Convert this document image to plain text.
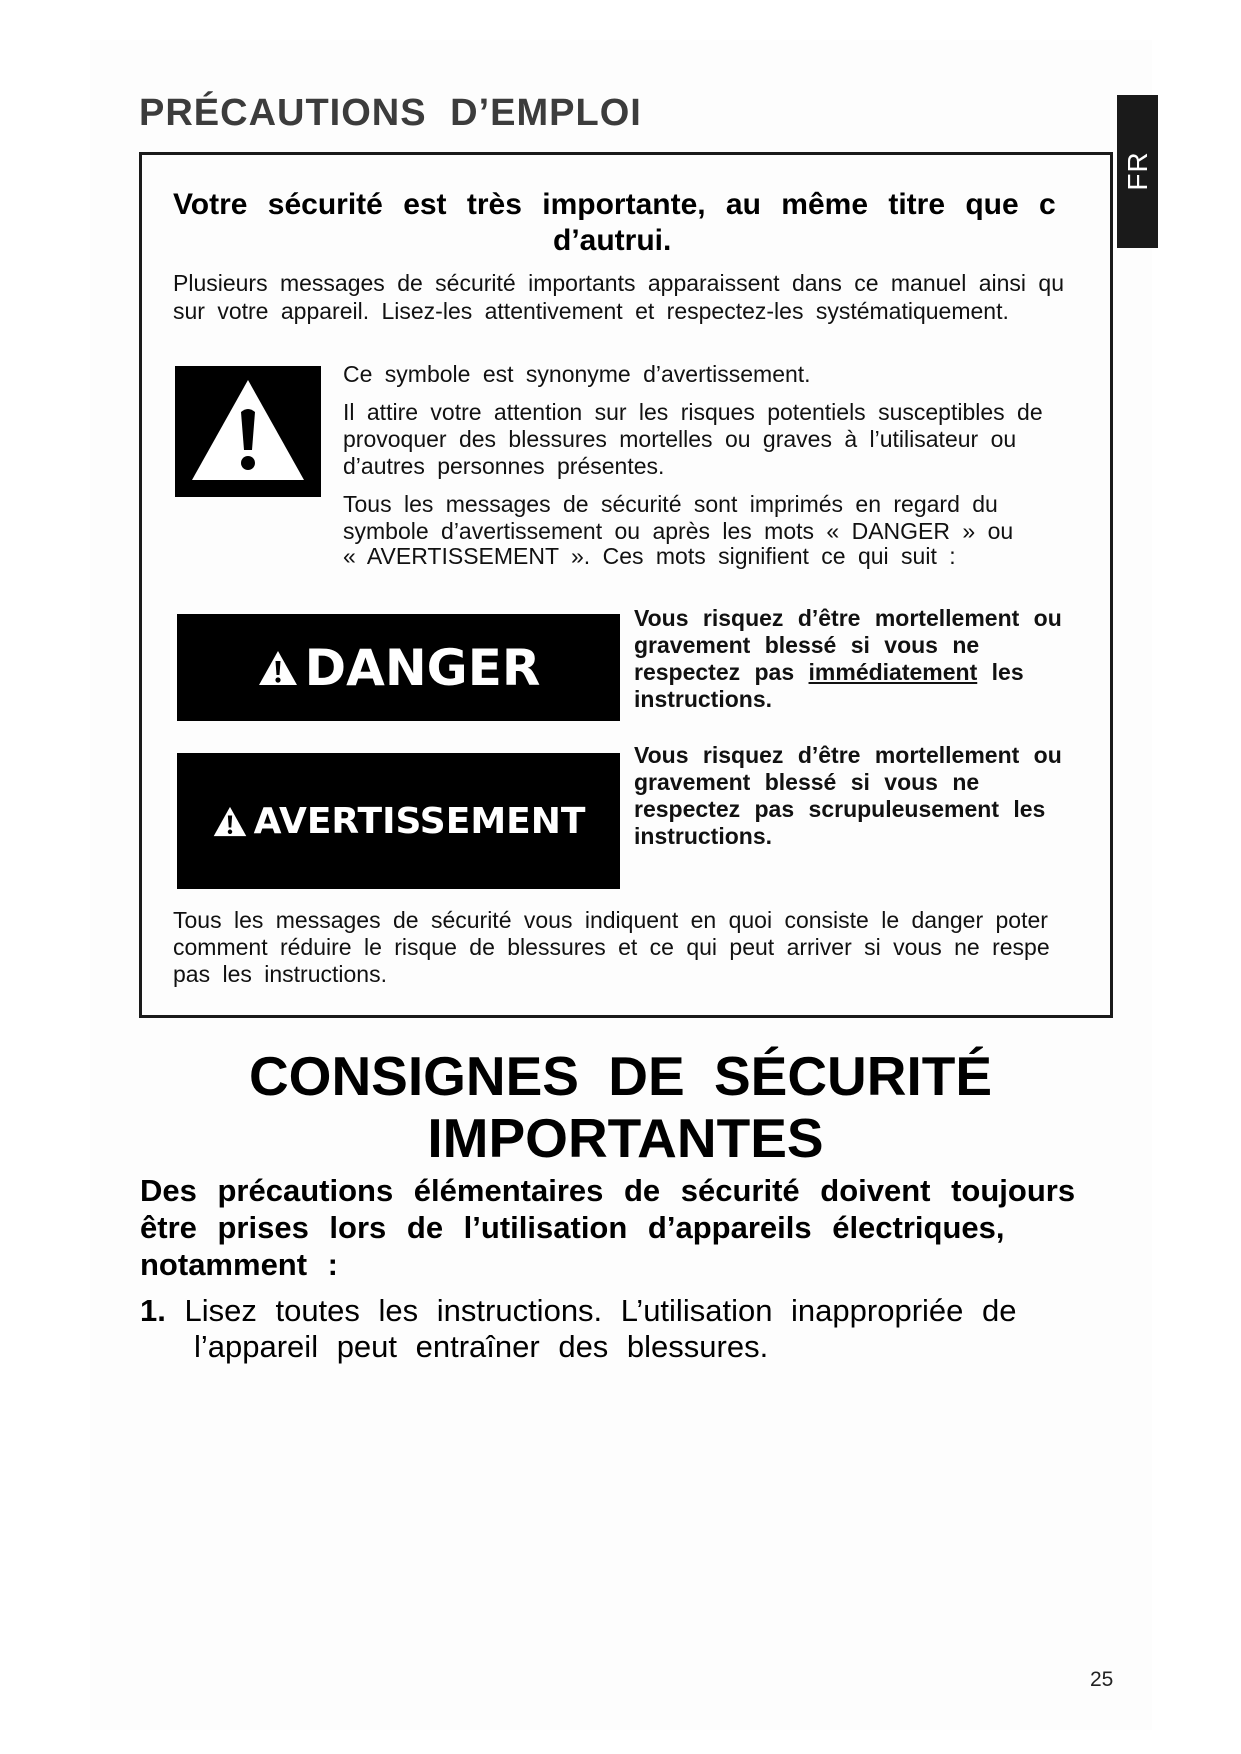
PRÉCAUTIONS D’EMPLOI
FR
Votre sécurité est très importante, au même titre que c
d’autrui.
Plusieurs messages de sécurité importants apparaissent dans ce manuel ainsi qu
sur votre appareil. Lisez-les attentivement et respectez-les systématiquement.
Ce symbole est synonyme d’avertissement.
Il attire votre attention sur les risques potentiels susceptibles de
provoquer des blessures mortelles ou graves à l’utilisateur ou
d’autres personnes présentes.
Tous les messages de sécurité sont imprimés en regard du
symbole d’avertissement ou après les mots « DANGER » ou
« AVERTISSEMENT ». Ces mots signifient ce qui suit :
DANGER
Vous risquez d’être mortellement ou
gravement blessé si vous ne
respectez pas immédiatement les
instructions.
AVERTISSEMENT
Vous risquez d’être mortellement ou
gravement blessé si vous ne
respectez pas scrupuleusement les
instructions.
Tous les messages de sécurité vous indiquent en quoi consiste le danger poter
comment réduire le risque de blessures et ce qui peut arriver si vous ne respe
pas les instructions.
CONSIGNES DE SÉCURITÉ
IMPORTANTES
Des précautions élémentaires de sécurité doivent toujours
être prises lors de l’utilisation d’appareils électriques,
notamment :
1. Lisez toutes les instructions. L’utilisation inappropriée de
l’appareil peut entraîner des blessures.
25
